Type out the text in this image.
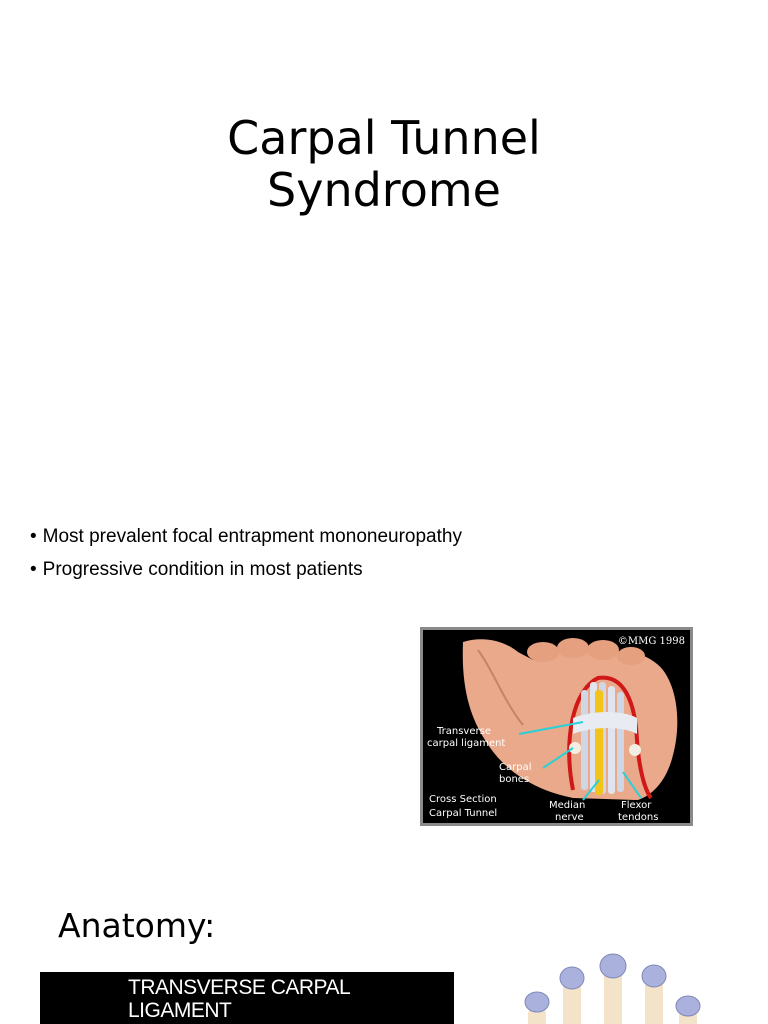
Carpal Tunnel
Syndrome
• Most prevalent focal entrapment mononeuropathy
• Progressive condition in most patients
©MMG 1998
Transverse
carpal ligament
Carpal
bones
Cross Section
Carpal Tunnel
Median
nerve
Flexor
tendons
Anatomy:
TRANSVERSE CARPAL
LIGAMENT
